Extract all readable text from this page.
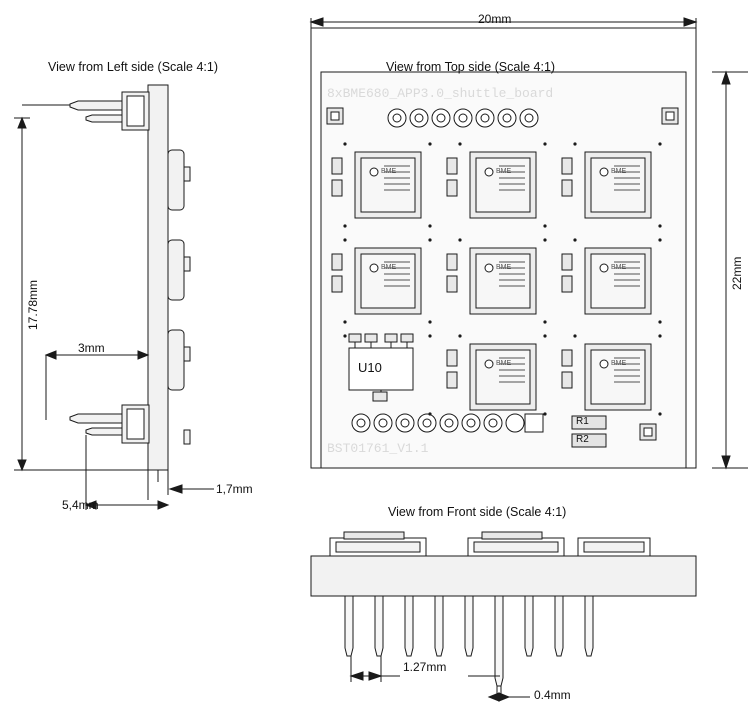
8xBME680_APP3.0_shuttle_board
BST01761_V1.1
View from Left side (Scale 4:1)	View from Top side (Scale 4:1)
View from Front side (Scale 4:1)
17.78mm
3mm
1,7mm
5,4mm
20mm
22mm
1.27mm
0.4mm
U10
R1
R2
BME	BME	BME
BME	BME	BME
BME	BME
